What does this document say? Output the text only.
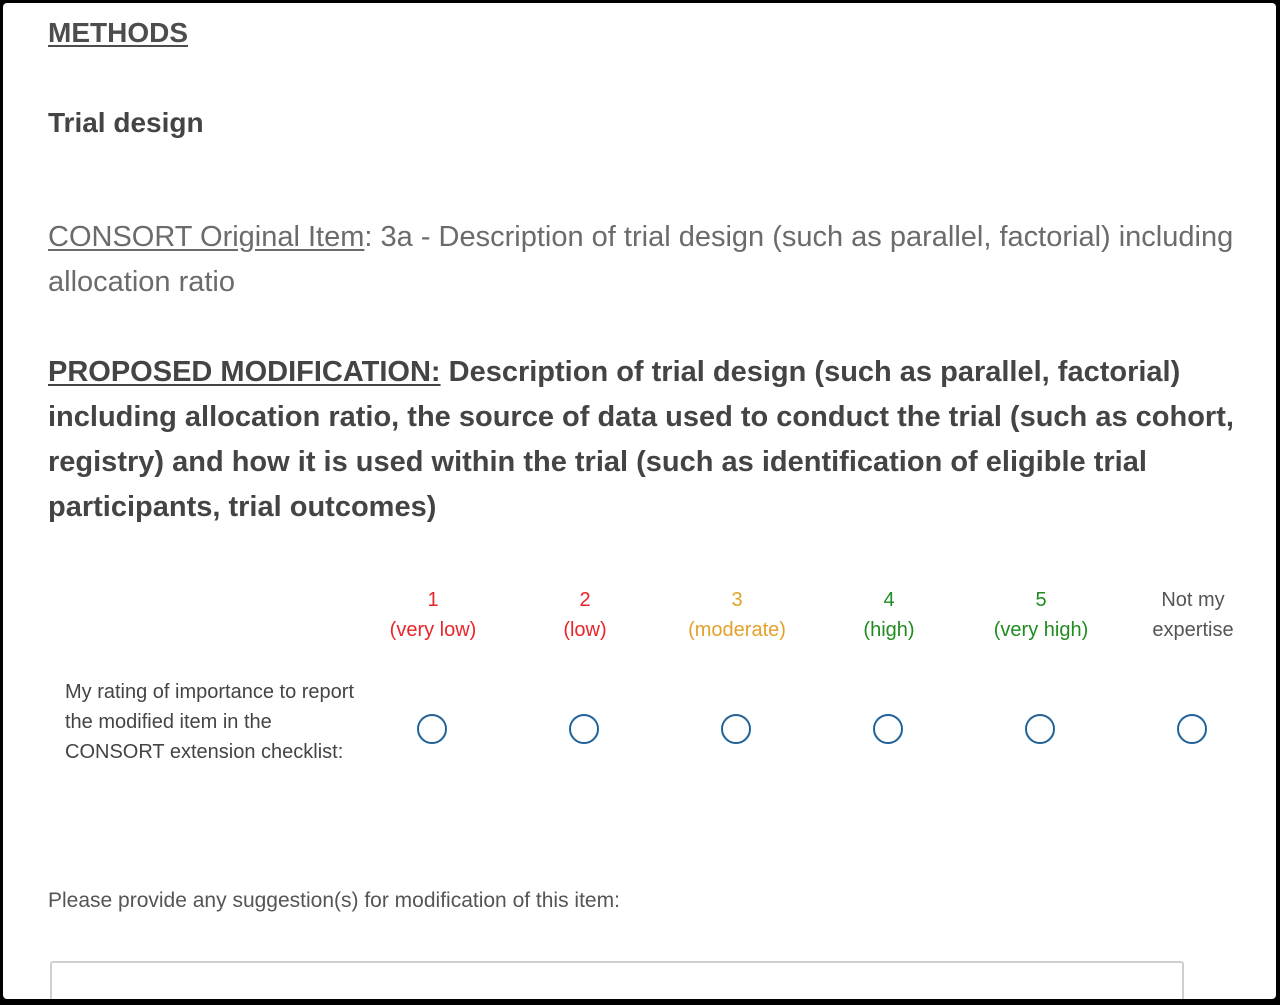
METHODS
Trial design

CONSORT Original Item: 3a - Description of trial design (such as parallel, factorial) including allocation ratio

PROPOSED MODIFICATION: Description of trial design (such as parallel, factorial) including allocation ratio, the source of data used to conduct the trial (such as cohort, registry) and how it is used within the trial (such as identification of eligible trial participants, trial outcomes)

1
(very low)
2
(low)
3
(moderate)
4
(high)
5
(very high)
Not my
expertise

My rating of importance to report the modified item in the CONSORT extension checklist:

Please provide any suggestion(s) for modification of this item:
